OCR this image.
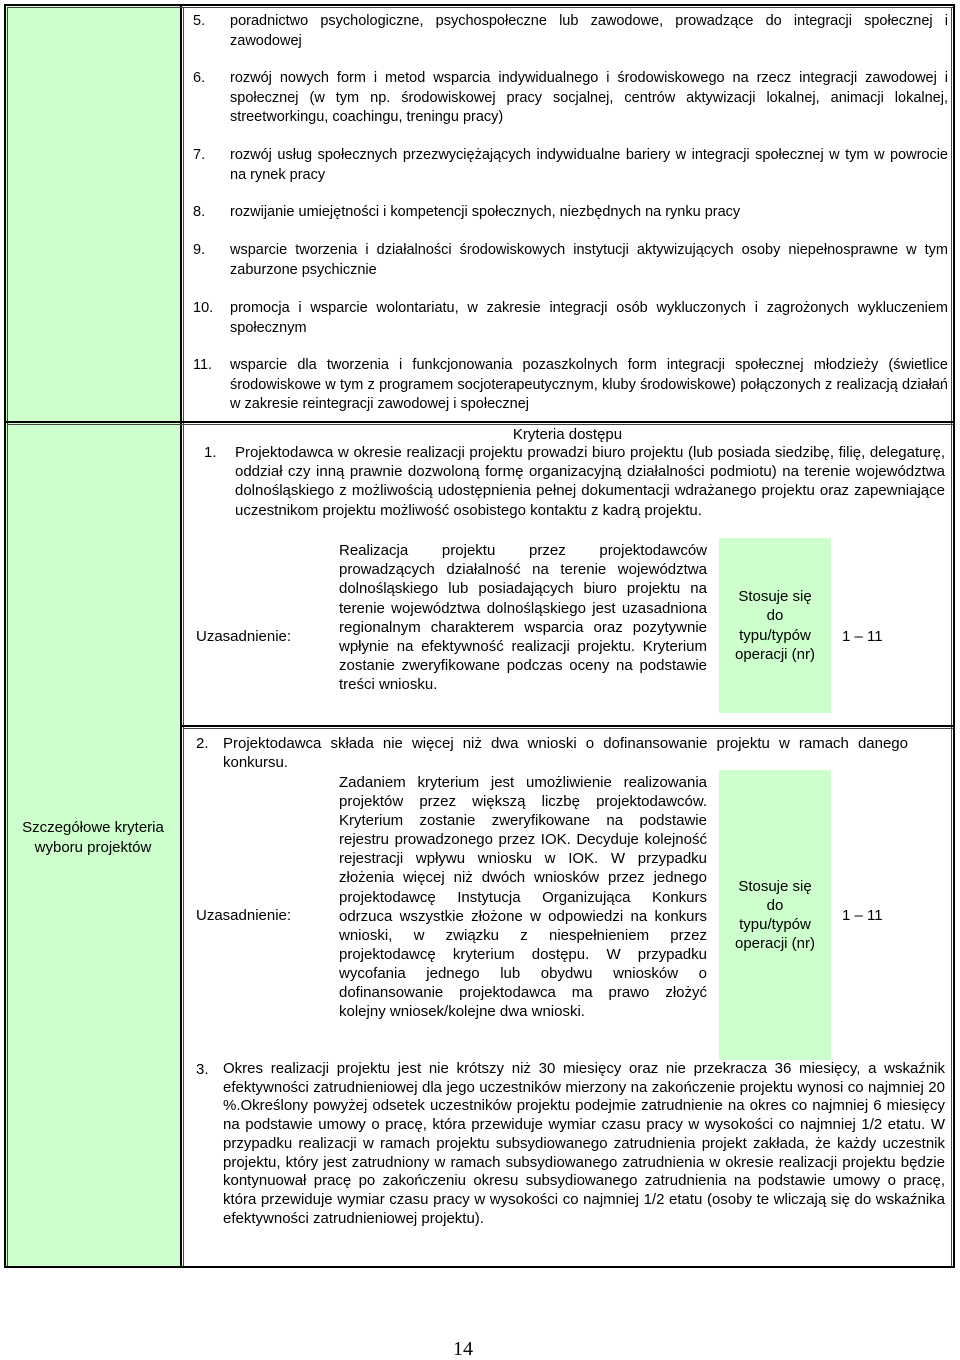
Szczegółowe kryteria
wyboru projektów
5. poradnictwo psychologiczne, psychospołeczne lub zawodowe, prowadzące do integracji społecznej i zawodowej
6. rozwój nowych form i metod wsparcia indywidualnego i środowiskowego na rzecz integracji zawodowej i społecznej (w tym np. środowiskowej pracy socjalnej, centrów aktywizacji lokalnej, animacji lokalnej, streetworkingu, coachingu, treningu pracy)
7. rozwój usług społecznych przezwyciężających indywidualne bariery w integracji społecznej w tym w powrocie na rynek pracy
8. rozwijanie umiejętności i kompetencji społecznych, niezbędnych na rynku pracy
9. wsparcie tworzenia i działalności środowiskowych instytucji aktywizujących osoby niepełnosprawne w tym zaburzone psychicznie
10. promocja i wsparcie wolontariatu, w zakresie integracji osób wykluczonych i zagrożonych wykluczeniem społecznym
11. wsparcie dla tworzenia i funkcjonowania pozaszkolnych form integracji społecznej młodzieży (świetlice środowiskowe w tym z programem socjoterapeutycznym, kluby środowiskowe) połączonych z realizacją działań w zakresie reintegracji zawodowej i społecznej
Kryteria dostępu
1. Projektodawca w okresie realizacji projektu prowadzi biuro projektu (lub posiada siedzibę, filię, delegaturę, oddział czy inną prawnie dozwoloną formę organizacyjną działalności podmiotu) na terenie województwa dolnośląskiego z możliwością udostępnienia pełnej dokumentacji wdrażanego projektu oraz zapewniające uczestnikom projektu możliwość osobistego kontaktu z kadrą projektu.
Uzasadnienie:
Realizacja projektu przez projektodawców prowadzących działalność na terenie województwa dolnośląskiego lub posiadających biuro projektu na terenie województwa dolnośląskiego jest uzasadniona regionalnym charakterem wsparcia oraz pozytywnie wpłynie na efektywność realizacji projektu. Kryterium zostanie zweryfikowane podczas oceny na podstawie treści wniosku.
Stosuje się
do
typu/typów
operacji (nr)
1 – 11
2. Projektodawca składa nie więcej niż dwa wnioski o dofinansowanie projektu w ramach danego konkursu.
Uzasadnienie:
Zadaniem kryterium jest umożliwienie realizowania projektów przez większą liczbę projektodawców. Kryterium zostanie zweryfikowane na podstawie rejestru prowadzonego przez IOK. Decyduje kolejność rejestracji wpływu wniosku w IOK. W przypadku złożenia więcej niż dwóch wniosków przez jednego projektodawcę Instytucja Organizująca Konkurs odrzuca wszystkie złożone w odpowiedzi na konkurs wnioski, w związku z niespełnieniem przez projektodawcę kryterium dostępu. W przypadku wycofania jednego lub obydwu wniosków o dofinansowanie projektodawca ma prawo złożyć kolejny wniosek/kolejne dwa wnioski.
Stosuje się
do
typu/typów
operacji (nr)
1 – 11
3. Okres realizacji projektu jest nie krótszy niż 30 miesięcy oraz nie przekracza 36 miesięcy, a wskaźnik efektywności zatrudnieniowej dla jego uczestników mierzony na zakończenie projektu wynosi co najmniej 20 %.Określony powyżej odsetek uczestników projektu podejmie zatrudnienie na okres co najmniej 6 miesięcy na podstawie umowy o pracę, która przewiduje wymiar czasu pracy w wysokości co najmniej 1/2 etatu. W przypadku realizacji w ramach projektu subsydiowanego zatrudnienia projekt zakłada, że każdy uczestnik projektu, który jest zatrudniony w ramach subsydiowanego zatrudnienia w okresie realizacji projektu będzie kontynuował pracę po zakończeniu okresu subsydiowanego zatrudnienia na podstawie umowy o pracę, która przewiduje wymiar czasu pracy w wysokości co najmniej 1/2 etatu (osoby te wliczają się do wskaźnika efektywności zatrudnieniowej projektu).
14
